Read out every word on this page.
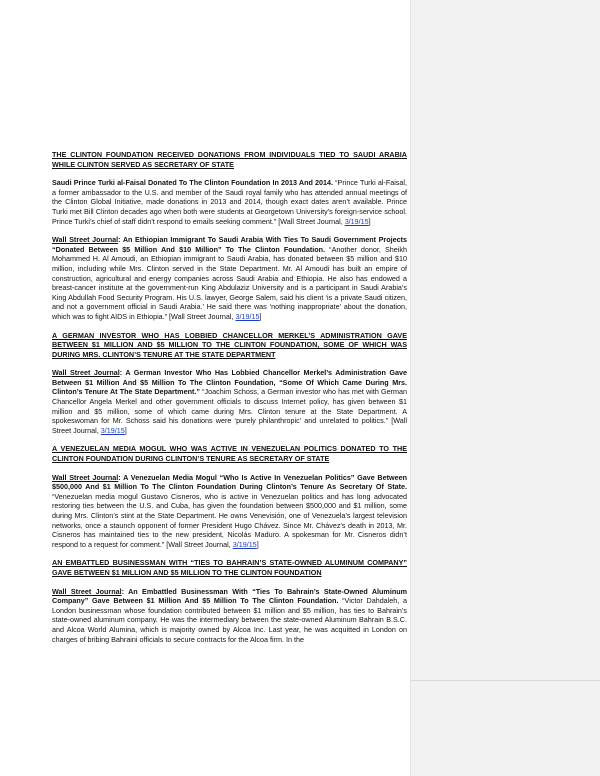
THE CLINTON FOUNDATION RECEIVED DONATIONS FROM INDIVIDUALS TIED TO SAUDI ARABIA WHILE CLINTON SERVED AS SECRETARY OF STATE
Saudi Prince Turki al-Faisal Donated To The Clinton Foundation In 2013 And 2014. “Prince Turki al-Faisal, a former ambassador to the U.S. and member of the Saudi royal family who has attended annual meetings of the Clinton Global Initiative, made donations in 2013 and 2014, though exact dates aren’t available. Prince Turki met Bill Clinton decades ago when both were students at Georgetown University’s foreign-service school. Prince Turki’s chief of staff didn’t respond to emails seeking comment.” [Wall Street Journal, 3/19/15]
Wall Street Journal: An Ethiopian Immigrant To Saudi Arabia With Ties To Saudi Government Projects “Donated Between $5 Million And $10 Million” To The Clinton Foundation. “Another donor, Sheikh Mohammed H. Al Amoudi, an Ethiopian immigrant to Saudi Arabia, has donated between $5 million and $10 million, including while Mrs. Clinton served in the State Department. Mr. Al Amoudi has built an empire of construction, agricultural and energy companies across Saudi Arabia and Ethiopia. He also has endowed a breast-cancer institute at the government-run King Abdulaziz University and is a participant in Saudi Arabia’s King Abdullah Food Security Program. His U.S. lawyer, George Salem, said his client ‘is a private Saudi citizen, and not a government official in Saudi Arabia.’ He said there was ‘nothing inappropriate’ about the donation, which was to fight AIDS in Ethiopia.” [Wall Street Journal, 3/19/15]
A GERMAN INVESTOR WHO HAS LOBBIED CHANCELLOR MERKEL’S ADMINISTRATION GAVE BETWEEN $1 MILLION AND $5 MILLION TO THE CLINTON FOUNDATION, SOME OF WHICH WAS DURING MRS. CLINTON’S TENURE AT THE STATE DEPARTMENT
Wall Street Journal: A German Investor Who Has Lobbied Chancellor Merkel’s Administration Gave Between $1 Million And $5 Million To The Clinton Foundation, “Some Of Which Came During Mrs. Clinton’s Tenure At The State Department.” “Joachim Schoss, a German investor who has met with German Chancellor Angela Merkel and other government officials to discuss Internet policy, has given between $1 million and $5 million, some of which came during Mrs. Clinton tenure at the State Department. A spokeswoman for Mr. Schoss said his donations were ‘purely philanthropic’ and unrelated to politics.” [Wall Street Journal, 3/19/15]
A VENEZUELAN MEDIA MOGUL WHO WAS ACTIVE IN VENEZUELAN POLITICS DONATED TO THE CLINTON FOUNDATION DURING CLINTON’S TENURE AS SECRETARY OF STATE
Wall Street Journal: A Venezuelan Media Mogul “Who Is Active In Venezuelan Politics” Gave Between $500,000 And $1 Million To The Clinton Foundation During Clinton’s Tenure As Secretary Of State. “Venezuelan media mogul Gustavo Cisneros, who is active in Venezuelan politics and has long advocated restoring ties between the U.S. and Cuba, has given the foundation between $500,000 and $1 million, some during Mrs. Clinton’s stint at the State Department. He owns Venevisión, one of Venezuela’s largest television networks, once a staunch opponent of former President Hugo Chávez. Since Mr. Chávez’s death in 2013, Mr. Cisneros has maintained ties to the new president, Nicolás Maduro. A spokesman for Mr. Cisneros didn’t respond to a request for comment.” [Wall Street Journal, 3/19/15]
AN EMBATTLED BUSINESSMAN WITH “TIES TO BAHRAIN’S STATE-OWNED ALUMINUM COMPANY” GAVE BETWEEN $1 MILLION AND $5 MILLION TO THE CLINTON FOUNDATION
Wall Street Journal: An Embattled Businessman With “Ties To Bahrain’s State-Owned Aluminum Company” Gave Between $1 Million And $5 Million To The Clinton Foundation. “Victor Dahdaleh, a London businessman whose foundation contributed between $1 million and $5 million, has ties to Bahrain’s state-owned aluminum company. He was the intermediary between the state-owned Aluminum Bahrain B.S.C. and Alcoa World Alumina, which is majority owned by Alcoa Inc. Last year, he was acquitted in London on charges of bribing Bahraini officials to secure contracts for the Alcoa firm. In the
